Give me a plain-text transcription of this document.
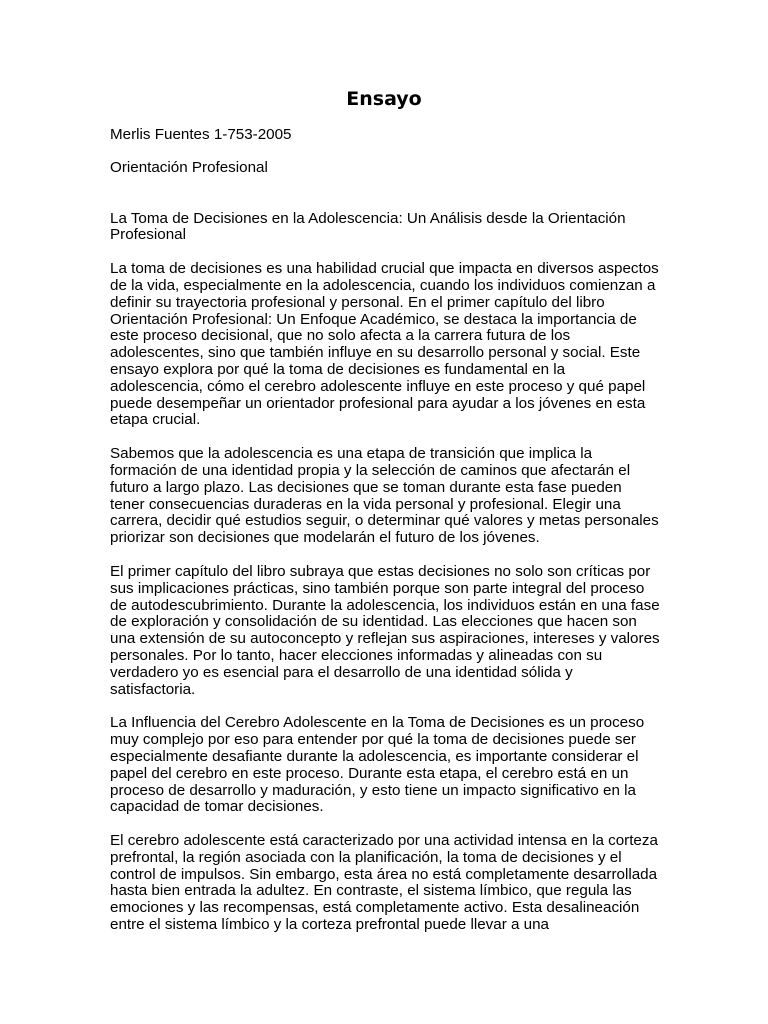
Ensayo

Merlis Fuentes 1-753-2005

Orientación Profesional

La Toma de Decisiones en la Adolescencia: Un Análisis desde la Orientación Profesional

La toma de decisiones es una habilidad crucial que impacta en diversos aspectos de la vida, especialmente en la adolescencia, cuando los individuos comienzan a definir su trayectoria profesional y personal. En el primer capítulo del libro Orientación Profesional: Un Enfoque Académico, se destaca la importancia de este proceso decisional, que no solo afecta a la carrera futura de los adolescentes, sino que también influye en su desarrollo personal y social. Este ensayo explora por qué la toma de decisiones es fundamental en la adolescencia, cómo el cerebro adolescente influye en este proceso y qué papel puede desempeñar un orientador profesional para ayudar a los jóvenes en esta etapa crucial.

Sabemos que la adolescencia es una etapa de transición que implica la formación de una identidad propia y la selección de caminos que afectarán el futuro a largo plazo. Las decisiones que se toman durante esta fase pueden tener consecuencias duraderas en la vida personal y profesional. Elegir una carrera, decidir qué estudios seguir, o determinar qué valores y metas personales priorizar son decisiones que modelarán el futuro de los jóvenes.

El primer capítulo del libro subraya que estas decisiones no solo son críticas por sus implicaciones prácticas, sino también porque son parte integral del proceso de autodescubrimiento. Durante la adolescencia, los individuos están en una fase de exploración y consolidación de su identidad. Las elecciones que hacen son una extensión de su autoconcepto y reflejan sus aspiraciones, intereses y valores personales. Por lo tanto, hacer elecciones informadas y alineadas con su verdadero yo es esencial para el desarrollo de una identidad sólida y satisfactoria.

La Influencia del Cerebro Adolescente en la Toma de Decisiones es un proceso muy complejo por eso para entender por qué la toma de decisiones puede ser especialmente desafiante durante la adolescencia, es importante considerar el papel del cerebro en este proceso. Durante esta etapa, el cerebro está en un proceso de desarrollo y maduración, y esto tiene un impacto significativo en la capacidad de tomar decisiones.

El cerebro adolescente está caracterizado por una actividad intensa en la corteza prefrontal, la región asociada con la planificación, la toma de decisiones y el control de impulsos. Sin embargo, esta área no está completamente desarrollada hasta bien entrada la adultez. En contraste, el sistema límbico, que regula las emociones y las recompensas, está completamente activo. Esta desalineación entre el sistema límbico y la corteza prefrontal puede llevar a una
